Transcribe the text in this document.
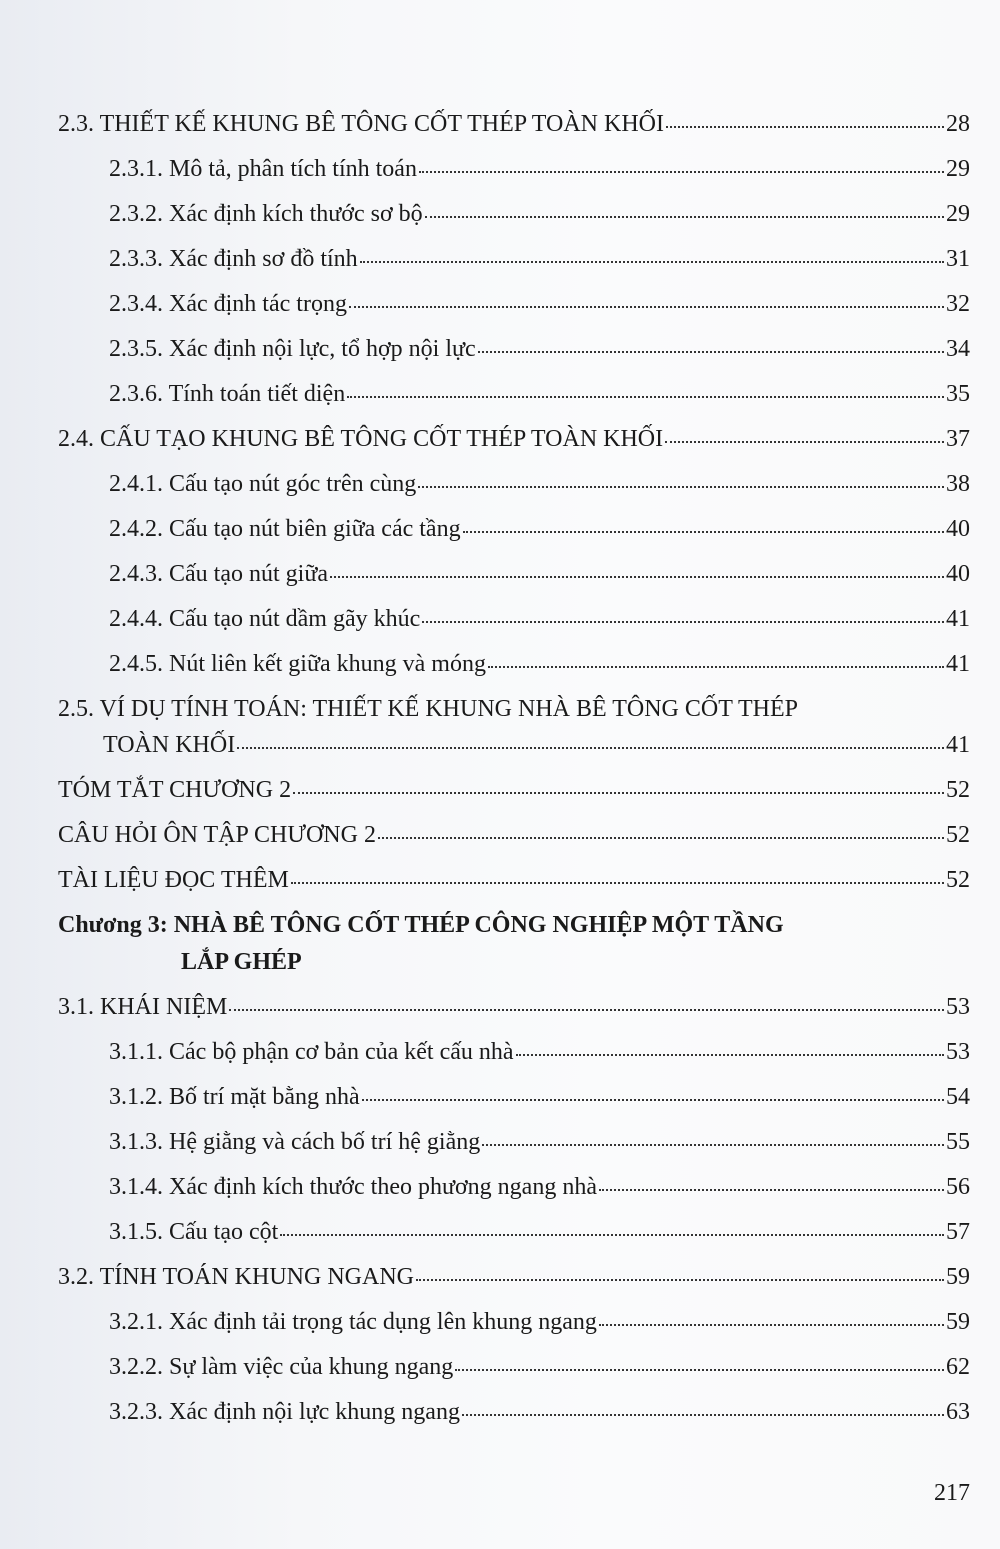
2.3. THIẾT KẾ KHUNG BÊ TÔNG CỐT THÉP TOÀN KHỐI	28
2.3.1. Mô tả, phân tích tính toán	29
2.3.2. Xác định kích thước sơ bộ	29
2.3.3. Xác định sơ đồ tính	31
2.3.4. Xác định tác trọng	32
2.3.5. Xác định nội lực, tổ hợp nội lực	34
2.3.6. Tính toán tiết diện	35
2.4. CẤU TẠO KHUNG BÊ TÔNG CỐT THÉP TOÀN KHỐI	37
2.4.1. Cấu tạo nút góc trên cùng	38
2.4.2. Cấu tạo nút biên giữa các tầng	40
2.4.3. Cấu tạo nút giữa	40
2.4.4. Cấu tạo nút dầm gãy khúc	41
2.4.5. Nút liên kết giữa khung và móng	41
2.5. VÍ DỤ TÍNH TOÁN: THIẾT KẾ KHUNG NHÀ BÊ TÔNG CỐT THÉP
TOÀN KHỐI	41
TÓM TẮT CHƯƠNG 2	52
CÂU HỎI ÔN TẬP CHƯƠNG 2	52
TÀI LIỆU ĐỌC THÊM	52
Chương 3: NHÀ BÊ TÔNG CỐT THÉP CÔNG NGHIỆP MỘT TẦNG
LẮP GHÉP
3.1. KHÁI NIỆM	53
3.1.1. Các bộ phận cơ bản của kết cấu nhà	53
3.1.2. Bố trí mặt bằng nhà	54
3.1.3. Hệ giằng và cách bố trí hệ giằng	55
3.1.4. Xác định kích thước theo phương ngang nhà	56
3.1.5. Cấu tạo cột	57
3.2. TÍNH TOÁN KHUNG NGANG	59
3.2.1. Xác định tải trọng tác dụng lên khung ngang	59
3.2.2. Sự làm việc của khung ngang	62
3.2.3. Xác định nội lực khung ngang	63
217
